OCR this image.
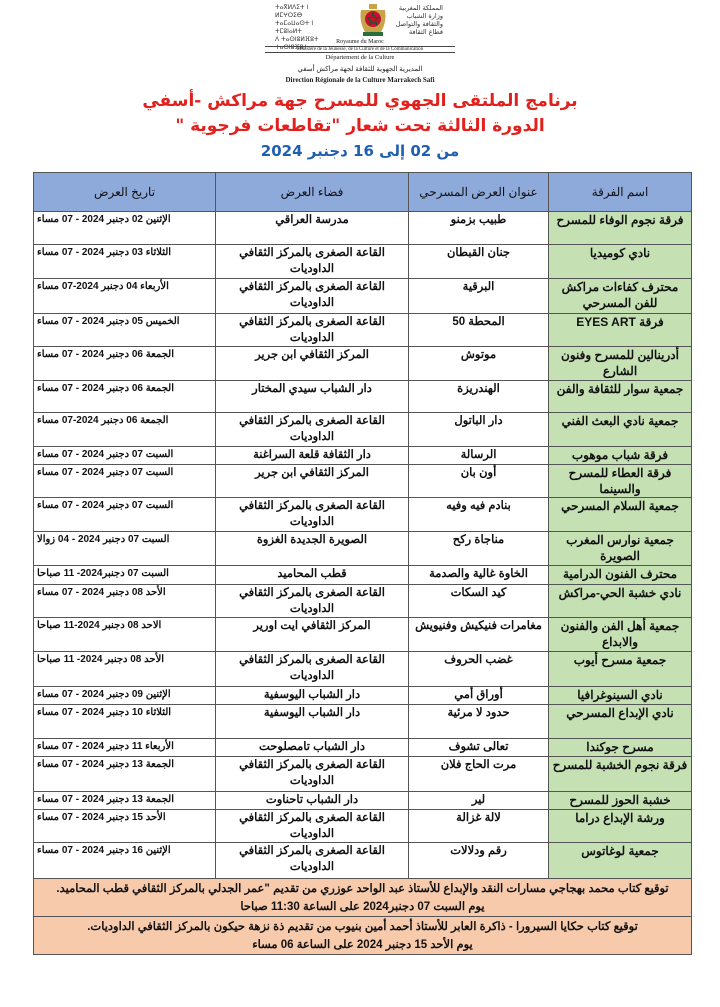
ⵜⴰⴳⵍⴷⵉⵜ ⵏ ⵍⵎⵖⵔⵉⴱ
ⵜⴰⵎⴰⵡⴰⵙⵜ ⵏ ⵜⵎⵓⵏⴰⵍⵜ
ⴷ ⵜⴰⵙⵏⵓⵍⴼⵓⵜ
ⵜⴰⵙⵏⵓⴼⵓⵜ
المملكة المغربية
وزارة الشباب
والثقافة والتواصل
قطاع الثقافة
Royaume du Maroc
Ministère de la Jeunesse, de la Culture et de la Communication
Département de la Culture
المديرية الجهوية للثقافة لجهة مراكش أسفي
Direction Régionale de la Culture Marrakech Safi
برنامج الملتقى الجهوي للمسرح جهة مراكش -أسفي
الدورة الثالثة تحت شعار "تقاطعات فرجوية "
من 02 إلى 16 دجنبر 2024
اسم الفرقة	عنوان العرض المسرحي	فضاء العرض	تاريخ العرض
فرقة نجوم الوفاء للمسرح	طبيب بزمنو	مدرسة العراقي	الإثنين 02 دجنبر 2024 - 07 مساء
نادي كوميديا	جنان القبطان	القاعة الصغرى بالمركز الثقافي الداوديات	الثلاثاء 03 دجنبر 2024 - 07 مساء
محترف كفاءات مراكش للفن المسرحي	البرقية	القاعة الصغرى بالمركز الثقافي الداوديات	الأربعاء 04 دجنبر 2024-07 مساء
فرقة EYES ART	المحطة 50	القاعة الصغرى بالمركز الثقافي الداوديات	الخميس 05 دجنبر 2024 - 07 مساء
أدرينالين للمسرح وفنون الشارع	موتوش	المركز الثقافي ابن جرير	الجمعة 06 دجنبر 2024 - 07 مساء
جمعية سوار للثقافة والفن	الهندريزة	دار الشباب سيدي المختار	الجمعة 06 دجنبر 2024 - 07 مساء
جمعية نادي البعث الفني	دار الباتول	القاعة الصغرى بالمركز الثقافي الداوديات	الجمعة 06 دجنبر 2024-07 مساء
فرقة شباب موهوب	الرسالة	دار الثقافة قلعة السراغنة	السبت 07 دجنبر 2024 - 07 مساء
فرقة العطاء للمسرح والسينما	أون بان	المركز الثقافي ابن جرير	السبت 07 دجنبر 2024 - 07 مساء
جمعية السلام المسرحي	بنادم فيه وفيه	القاعة الصغرى بالمركز الثقافي الداوديات	السبت 07 دجنبر 2024 - 07 مساء
جمعية نوارس المغرب الصويرة	مناجاة ركح	الصويرة الجديدة الغزوة	السبت 07 دجنبر 2024 - 04 زوالا
محترف الفنون الدرامية	الخاوة غالية والصدمة	قطب المحاميد	السبت 07 دجنبر2024- 11 صباحا
نادي خشبة الحي-مراكش	كيد السكات	القاعة الصغرى بالمركز الثقافي الداوديات	الأحد 08 دجنبر 2024 - 07 مساء
جمعية أهل الفن والفنون والابداع	مغامرات فنيكيش وفنيويش	المركز الثقافي ايت اورير	الاحد 08 دجنبر 2024-11 صباحا
جمعية مسرح أيوب	غضب الحروف	القاعة الصغرى بالمركز الثقافي الداوديات	الأحد 08 دجنبر 2024- 11 صباحا
نادي السينوغرافيا	أوراق أمي	دار الشباب اليوسفية	الإثنين 09 دجنبر 2024 - 07 مساء
نادي الإبداع المسرحي	حدود لا مرئية	دار الشباب اليوسفية	الثلاثاء 10 دجنبر 2024 - 07 مساء
مسرح جوكندا	تعالى تشوف	دار الشباب تامصلوحت	الأربعاء 11 دجنبر 2024 - 07 مساء
فرقة نجوم الخشبة للمسرح	مرت الحاج فلان	القاعة الصغرى بالمركز الثقافي الداوديات	الجمعة 13 دجنبر 2024 - 07 مساء
خشبة الحوز للمسرح	لير	دار الشباب تاحناوت	الجمعة 13 دجنبر 2024 - 07 مساء
ورشة الإبداع دراما	لالة غزالة	القاعة الصغرى بالمركز الثقافي الداوديات	الأحد 15 دجنبر 2024 - 07 مساء
جمعية لوغاتوس	رقم ودلالات	القاعة الصغرى بالمركز الثقافي الداوديات	الإثنين 16 دجنبر 2024 - 07 مساء

توقيع كتاب محمد بهجاجي مسارات النقد والإبداع للأستاذ عبد الواحد عوزري من تقديم "عمر الجدلي بالمركز الثقافي قطب المحاميد.
يوم السبت 07 دجنبر2024 على الساعة 11:30 صباحا			

توقيع كتاب حكايا السيرورا - ذاكرة العابر للأستاذ أحمد أمين بنيوب من تقديم ذة نزهة حيكون بالمركز الثقافي الداوديات.
يوم الأحد 15 دجنبر 2024 على الساعة 06 مساء			
